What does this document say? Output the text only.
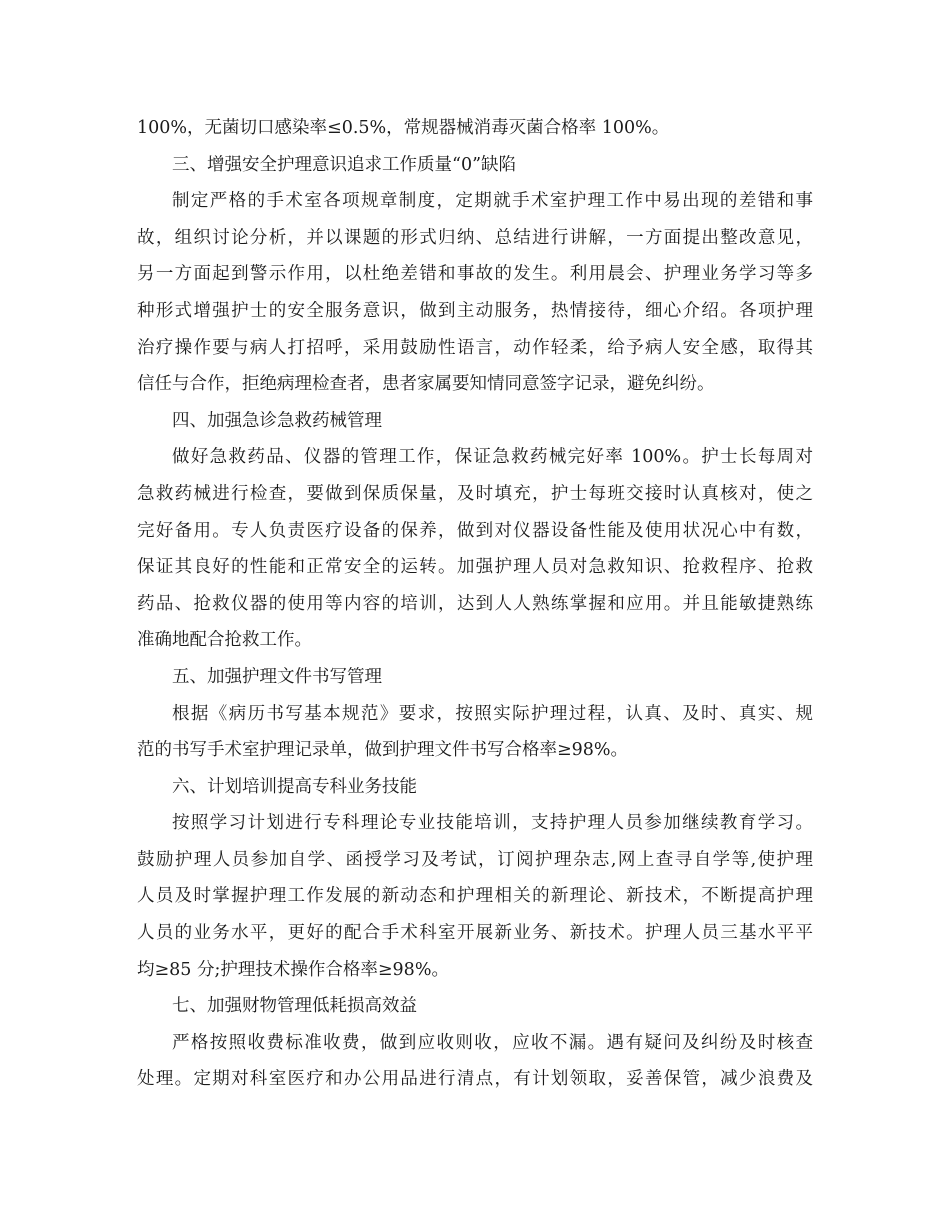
100%，无菌切口感染率≤0.5%，常规器械消毒灭菌合格率 100%。
三、增强安全护理意识追求工作质量“0”缺陷
制定严格的手术室各项规章制度，定期就手术室护理工作中易出现的差错和事
故，组织讨论分析，并以课题的形式归纳、总结进行讲解，一方面提出整改意见，
另一方面起到警示作用，以杜绝差错和事故的发生。利用晨会、护理业务学习等多
种形式增强护士的安全服务意识，做到主动服务，热情接待，细心介绍。各项护理
治疗操作要与病人打招呼，采用鼓励性语言，动作轻柔，给予病人安全感，取得其
信任与合作，拒绝病理检查者，患者家属要知情同意签字记录，避免纠纷。
四、加强急诊急救药械管理
做好急救药品、仪器的管理工作，保证急救药械完好率 100%。护士长每周对
急救药械进行检查，要做到保质保量，及时填充，护士每班交接时认真核对，使之
完好备用。专人负责医疗设备的保养，做到对仪器设备性能及使用状况心中有数，
保证其良好的性能和正常安全的运转。加强护理人员对急救知识、抢救程序、抢救
药品、抢救仪器的使用等内容的培训，达到人人熟练掌握和应用。并且能敏捷熟练
准确地配合抢救工作。
五、加强护理文件书写管理
根据《病历书写基本规范》要求，按照实际护理过程，认真、及时、真实、规
范的书写手术室护理记录单，做到护理文件书写合格率≥98%。
六、计划培训提高专科业务技能
按照学习计划进行专科理论专业技能培训，支持护理人员参加继续教育学习。
鼓励护理人员参加自学、函授学习及考试，订阅护理杂志,网上查寻自学等,使护理
人员及时掌握护理工作发展的新动态和护理相关的新理论、新技术，不断提高护理
人员的业务水平，更好的配合手术科室开展新业务、新技术。护理人员三基水平平
均≥85 分;护理技术操作合格率≥98%。
七、加强财物管理低耗损高效益
严格按照收费标准收费，做到应收则收，应收不漏。遇有疑问及纠纷及时核查
处理。定期对科室医疗和办公用品进行清点，有计划领取，妥善保管，减少浪费及
